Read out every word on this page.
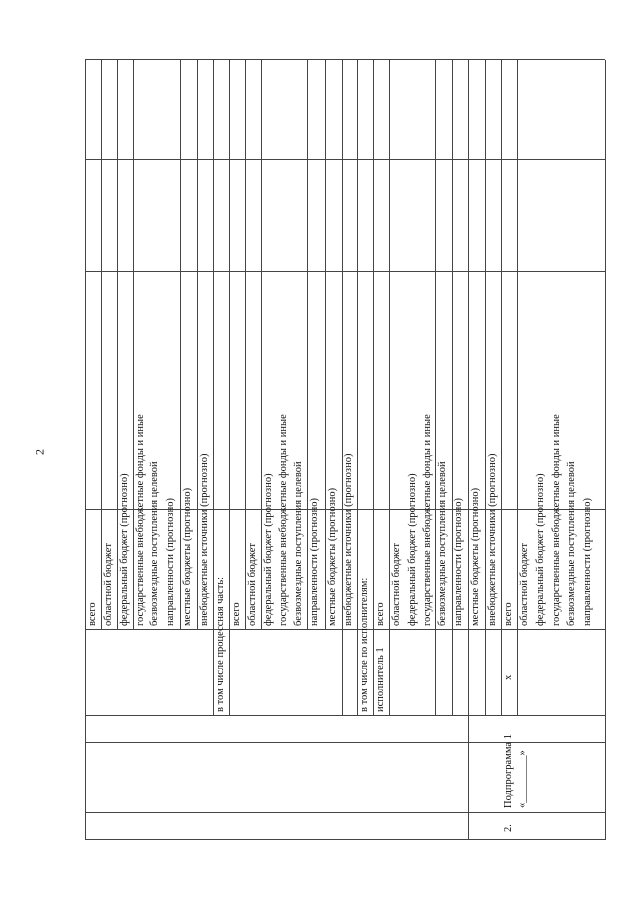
2
всего областной бюджет федеральный бюджет (прогнозно) государственные внебюджетные фонды и иные безвозмездные поступления целевой направленности (прогнозно) местные бюджеты (прогнозно) внебюджетные источники (прогнозно)
в том числе процессная часть: всего областной бюджет федеральный бюджет (прогнозно) государственные внебюджетные фонды и иные безвозмездные поступления целевой направленности (прогнозно) местные бюджеты (прогнозно) внебюджетные источники (прогнозно)
в том числе по исполнителям: исполнитель 1
всего областной бюджет федеральный бюджет (прогнозно) государственные внебюджетные фонды и иные безвозмездные поступления целевой направленности (прогнозно) местные бюджеты (прогнозно) внебюджетные источники (прогнозно)
2.
Подпрограмма 1 «_________»
х
всего областной бюджет федеральный бюджет (прогнозно) государственные внебюджетные фонды и иные безвозмездные поступления целевой направленности (прогнозно)
